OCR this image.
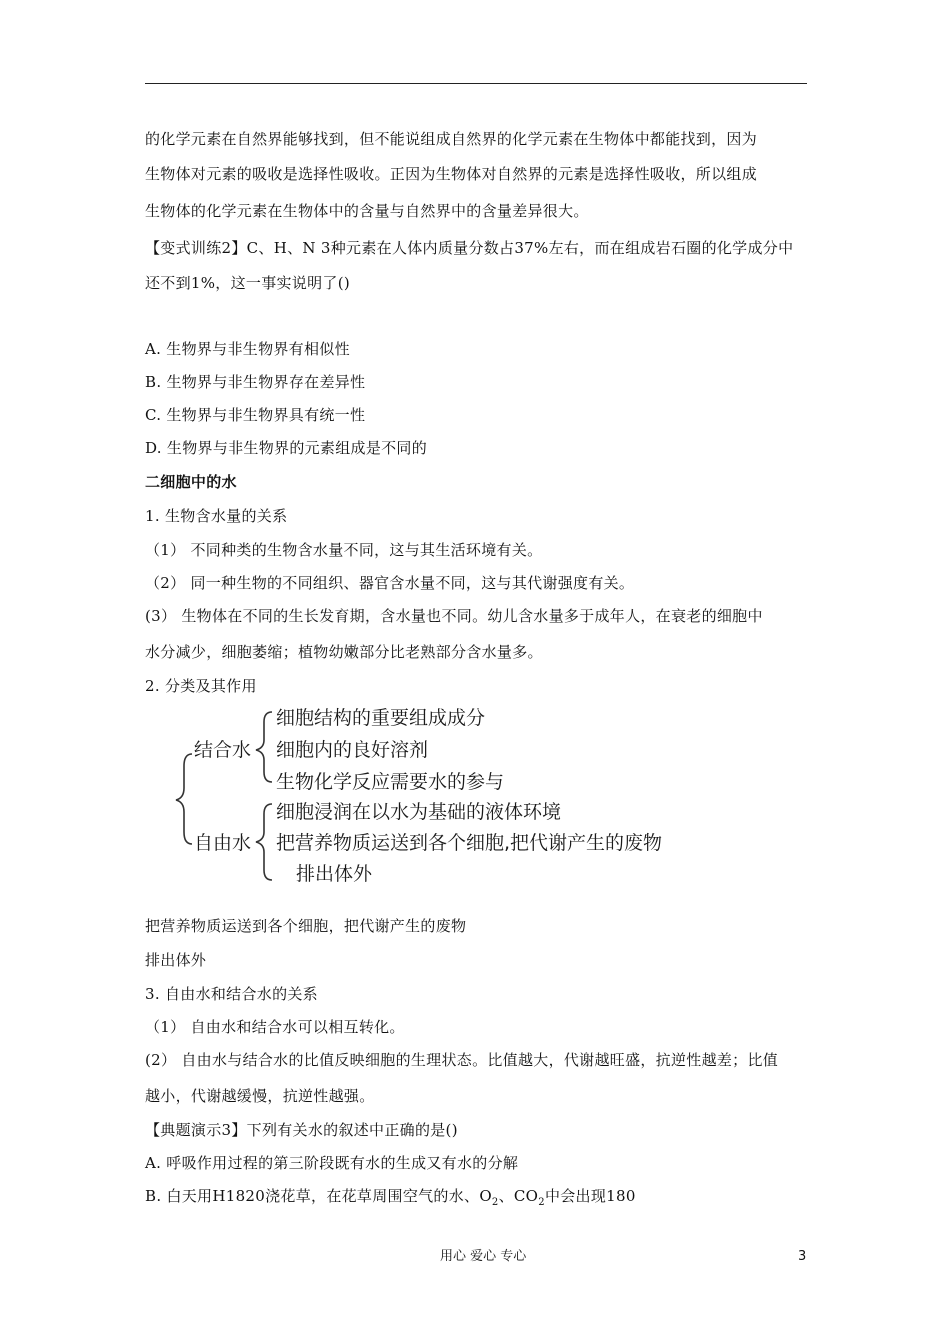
的化学元素在自然界能够找到，但不能说组成自然界的化学元素在生物体中都能找到，因为
生物体对元素的吸收是选择性吸收。正因为生物体对自然界的元素是选择性吸收，所以组成
生物体的化学元素在生物体中的含量与自然界中的含量差异很大。
【变式训练2】C、H、N 3种元素在人体内质量分数占37%左右，而在组成岩石圈的化学成分中
还不到1%，这一事实说明了()
A. 生物界与非生物界有相似性
B. 生物界与非生物界存在差异性
C. 生物界与非生物界具有统一性
D. 生物界与非生物界的元素组成是不同的
二细胞中的水
1. 生物含水量的关系
（1） 不同种类的生物含水量不同，这与其生活环境有关。
（2） 同一种生物的不同组织、器官含水量不同，这与其代谢强度有关。
(3） 生物体在不同的生长发育期，含水量也不同。幼儿含水量多于成年人，在衰老的细胞中
水分减少，细胞萎缩；植物幼嫩部分比老熟部分含水量多。
2. 分类及其作用
结合水
细胞结构的重要组成成分
细胞内的良好溶剂
生物化学反应需要水的参与
自由水
细胞浸润在以水为基础的液体环境
把营养物质运送到各个细胞,把代谢产生的废物
排出体外
把营养物质运送到各个细胞，把代谢产生的废物
排出体外
3. 自由水和结合水的关系
（1） 自由水和结合水可以相互转化。
(2） 自由水与结合水的比值反映细胞的生理状态。比值越大，代谢越旺盛，抗逆性越差；比值
越小，代谢越缓慢，抗逆性越强。
【典题演示3】下列有关水的叙述中正确的是()
A. 呼吸作用过程的第三阶段既有水的生成又有水的分解
B. 白天用H1820浇花草，在花草周围空气的水、$O_2$、$CO_2$中会出现180
用心 爱心 专心	3
